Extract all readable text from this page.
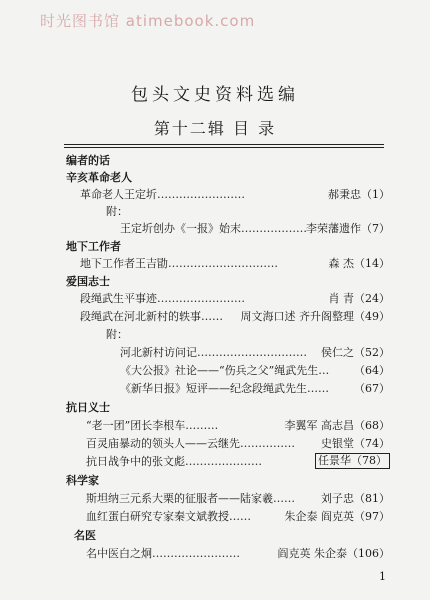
时光图书馆 atimebook.com
包头文史资料选编
第十二辑 目 录
编者的话
辛亥革命老人
革命老人王定圻……………………	郝秉忠（1）
附：
王定圻创办《一报》始末……………… 李荣藩遗作（7）
地下工作者
地下工作者王吉勖…………………………	森 杰（14）
爱国志士
段绳武生平事迹……………………	肖 青（24）
段绳武在河北新村的轶事…… 周文海口述 齐升阁整理（49）
附：
河北新村访问记………………………… 侯仁之（52）
《大公报》社论——“伤兵之父”绳武先生… （64）
《新华日报》短评——纪念段绳武先生…… （67）
抗日义士
“老一团”团长李根车………	李翼军 高志昌（68）
百灵庙暴动的领头人——云继先…………… 史银堂（74）
抗日战争中的张文彪…………………	任景华（78）
科学家
斯坦纳三元系大栗的征服者——陆家羲…… 刘子忠（81）
血红蛋白研究专家秦文斌教授……	朱企泰 阎克英（97）
名医
名中医白之炯……………………	阎克英 朱企泰（106）
1
